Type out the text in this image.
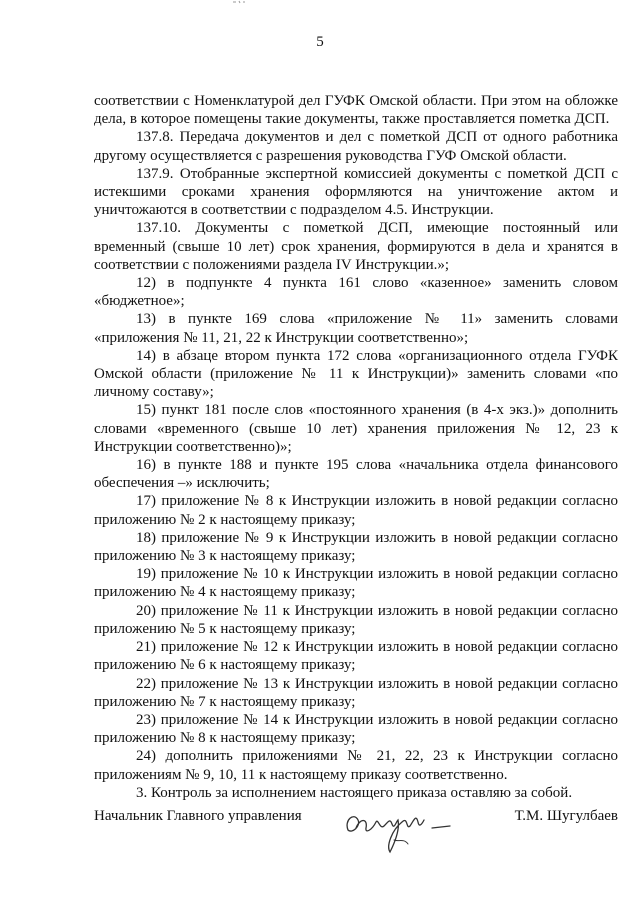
5

соответствии с Номенклатурой дел ГУФК Омской области. При этом на обложке дела, в которое помещены такие документы, также проставляется пометка ДСП.

137.8. Передача документов и дел с пометкой ДСП от одного работника другому осуществляется с разрешения руководства ГУФ Омской области.

137.9. Отобранные экспертной комиссией документы с пометкой ДСП с истекшими сроками хранения оформляются на уничтожение актом и уничтожаются в соответствии с подразделом 4.5. Инструкции.

137.10. Документы с пометкой ДСП, имеющие постоянный или временный (свыше 10 лет) срок хранения, формируются в дела и хранятся в соответствии с положениями раздела IV Инструкции.»;

12) в подпункте 4 пункта 161 слово «казенное» заменить словом «бюджетное»;

13) в пункте 169 слова «приложение № 11» заменить словами «приложения № 11, 21, 22 к Инструкции соответственно»;

14) в абзаце втором пункта 172 слова «организационного отдела ГУФК Омской области (приложение № 11 к Инструкции)» заменить словами «по личному составу»;

15) пункт 181 после слов «постоянного хранения (в 4-х экз.)» дополнить словами «временного (свыше 10 лет) хранения приложения № 12, 23 к Инструкции соответственно)»;

16) в пункте 188 и пункте 195 слова «начальника отдела финансового обеспечения –» исключить;

17) приложение № 8 к Инструкции изложить в новой редакции согласно приложению № 2 к настоящему приказу;

18) приложение № 9 к Инструкции изложить в новой редакции согласно приложению № 3 к настоящему приказу;

19) приложение № 10 к Инструкции изложить в новой редакции согласно приложению № 4 к настоящему приказу;

20) приложение № 11 к Инструкции изложить в новой редакции согласно приложению № 5 к настоящему приказу;

21) приложение № 12 к Инструкции изложить в новой редакции согласно приложению № 6 к настоящему приказу;

22) приложение № 13 к Инструкции изложить в новой редакции согласно приложению № 7 к настоящему приказу;

23) приложение № 14 к Инструкции изложить в новой редакции согласно приложению № 8 к настоящему приказу;

24) дополнить приложениями № 21, 22, 23 к Инструкции согласно приложениям № 9, 10, 11 к настоящему приказу соответственно.

3. Контроль за исполнением настоящего приказа оставляю за собой.

Начальник Главного управления	Т.М. Шугулбаев
